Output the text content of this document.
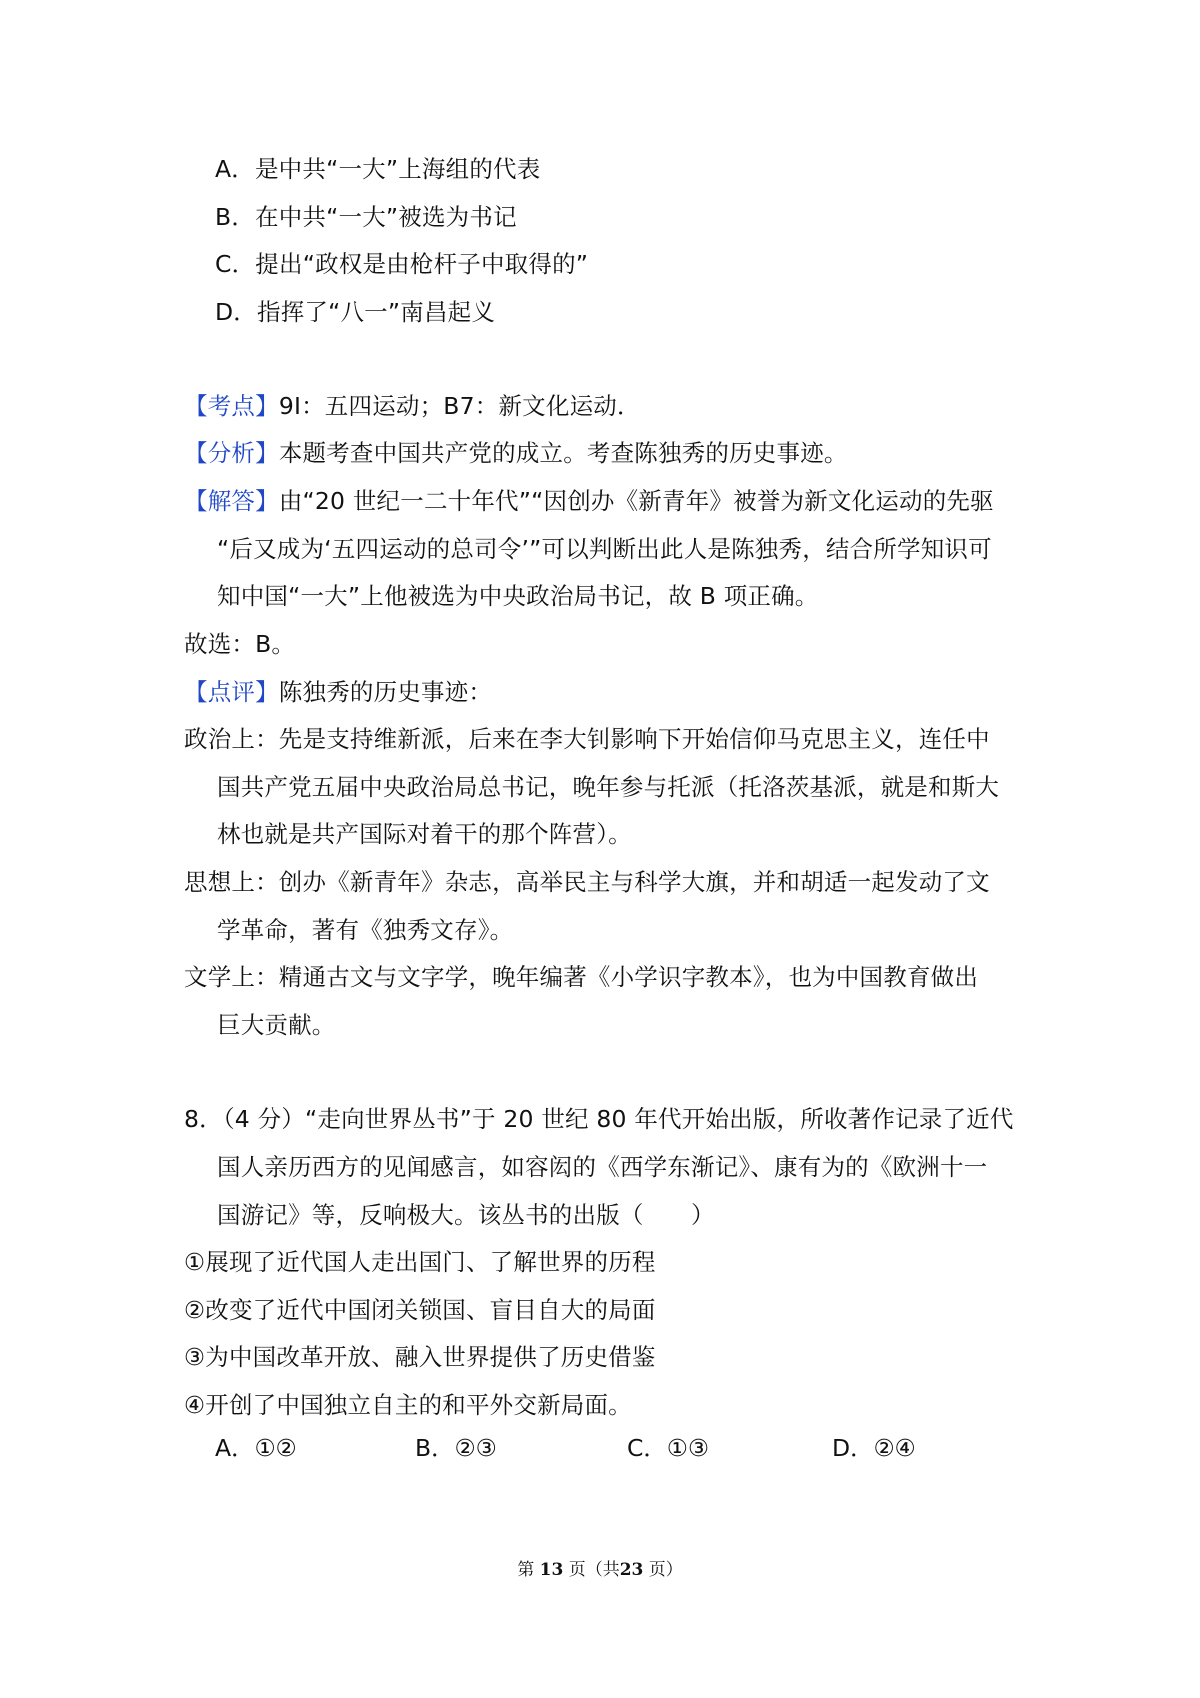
A．是中共“一大”上海组的代表
B．在中共“一大”被选为书记
C．提出“政权是由枪杆子中取得的”
D．指挥了“八一”南昌起义
【考点】9I：五四运动；B7：新文化运动．
【分析】本题考查中国共产党的成立。考查陈独秀的历史事迹。
【解答】由“20 世纪一二十年代”“因创办《新青年》被誉为新文化运动的先驱
“后又成为‘五四运动的总司令’”可以判断出此人是陈独秀，结合所学知识可
知中国“一大”上他被选为中央政治局书记，故 B 项正确。
故选：B。
【点评】陈独秀的历史事迹：
政治上：先是支持维新派，后来在李大钊影响下开始信仰马克思主义，连任中
国共产党五届中央政治局总书记，晚年参与托派（托洛茨基派，就是和斯大
林也就是共产国际对着干的那个阵营）。
思想上：创办《新青年》杂志，高举民主与科学大旗，并和胡适一起发动了文
学革命，著有《独秀文存》。
文学上：精通古文与文字学，晚年编著《小学识字教本》，也为中国教育做出
巨大贡献。
8．（4 分）“走向世界丛书”于 20 世纪 80 年代开始出版，所收著作记录了近代
国人亲历西方的见闻感言，如容闳的《西学东渐记》、康有为的《欧洲十一
国游记》等，反响极大。该丛书的出版（　　）
①展现了近代国人走出国门、了解世界的历程
②改变了近代中国闭关锁国、盲目自大的局面
③为中国改革开放、融入世界提供了历史借鉴
④开创了中国独立自主的和平外交新局面。
A．①②	B．②③	C．①③	D．②④
第 13 页（共23 页）
